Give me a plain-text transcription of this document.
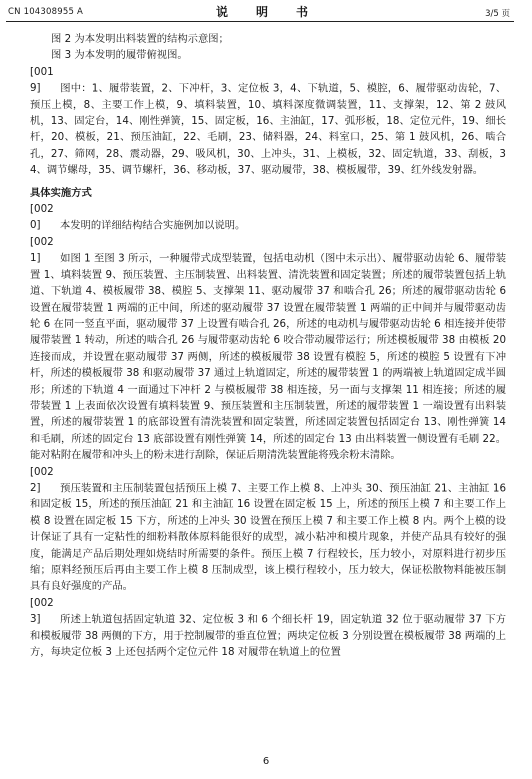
CN 104308955 A	说　明　书	3/5 页

图 2 为本发明出料装置的结构示意图；

图 3 为本发明的履带俯视图。

[0019] 图中：1、履带装置，2、下冲杆，3、定位板 3，4、下轨道，5、模腔，6、履带驱动齿轮，7、预压上模，8、主要工作上模，9、填料装置，10、填料深度微调装置，11、支撑架，12、第 2 鼓风机，13、固定台，14、刚性弹簧，15、固定板，16、主油缸，17、弧形板，18、定位元件，19、细长杆，20、模板，21、预压油缸，22、毛刷，23、储料器，24、料室口，25、第 1 鼓风机，26、啮合孔，27、筛网，28、震动器，29、吸风机，30、上冲头，31、上模板，32、固定轨道，33、刮板，34、调节螺母，35、调节螺杆，36、移动板，37、驱动履带，38、模板履带，39、红外线发射器。

具体实施方式

[0020] 本发明的详细结构结合实施例加以说明。

[0021] 如图 1 至图 3 所示，一种履带式成型装置，包括电动机（图中未示出）、履带驱动齿轮 6、履带装置 1、填料装置 9、预压装置、主压制装置、出料装置、清洗装置和固定装置；所述的履带装置包括上轨道、下轨道 4、模板履带 38、模腔 5、支撑架 11、驱动履带 37 和啮合孔 26；所述的履带驱动齿轮 6 设置在履带装置 1 两端的正中间，所述的驱动履带 37 设置在履带装置 1 两端的正中间并与履带驱动齿轮 6 在同一竖直平面，驱动履带 37 上设置有啮合孔 26，所述的电动机与履带驱动齿轮 6 相连接并使带履带装置 1 转动，所述的啮合孔 26 与履带驱动齿轮 6 咬合带动履带运行；所述模板履带 38 由模板 20 连接而成，并设置在驱动履带 37 两侧，所述的模板履带 38 设置有模腔 5，所述的模腔 5 设置有下冲杆，所述的模板履带 38 和驱动履带 37 通过上轨道固定，所述的履带装置 1 的两端被上轨道固定成半圆形；所述的下轨道 4 一面通过下冲杆 2 与模板履带 38 相连接，另一面与支撑架 11 相连接；所述的履带装置 1 上表面依次设置有填料装置 9、预压装置和主压制装置，所述的履带装置 1 一端设置有出料装置，所述的履带装置 1 的底部设置有清洗装置和固定装置，所述固定装置包括固定台 13、刚性弹簧 14 和毛刷，所述的固定台 13 底部设置有刚性弹簧 14，所述的固定台 13 由出料装置一侧设置有毛刷 22。能对粘附在履带和冲头上的粉末进行刮除，保证后期清洗装置能将残余粉末清除。

[0022] 预压装置和主压制装置包括预压上模 7、主要工作上模 8、上冲头 30、预压油缸 21、主油缸 16 和固定板 15，所述的预压油缸 21 和主油缸 16 设置在固定板 15 上，所述的预压上模 7 和主要工作上模 8 设置在固定板 15 下方，所述的上冲头 30 设置在预压上模 7 和主要工作上模 8 内。两个上模的设计保证了具有一定粘性的细粉料散体原料能很好的成型，减小粘冲和模片现象，并使产品具有较好的强度，能满足产品后期处理如烧结时所需要的条件。预压上模 7 行程较长，压力较小，对原料进行初步压缩；原料经预压后再由主要工作上模 8 压制成型，该上模行程较小，压力较大，保证松散物料能被压制具有良好强度的产品。

[0023] 所述上轨道包括固定轨道 32、定位板 3 和 6 个细长杆 19，固定轨道 32 位于驱动履带 37 下方和模板履带 38 两侧的下方，用于控制履带的垂直位置；两块定位板 3 分别设置在模板履带 38 两端的上方，每块定位板 3 上还包括两个定位元件 18 对履带在轨道上的位置

6
